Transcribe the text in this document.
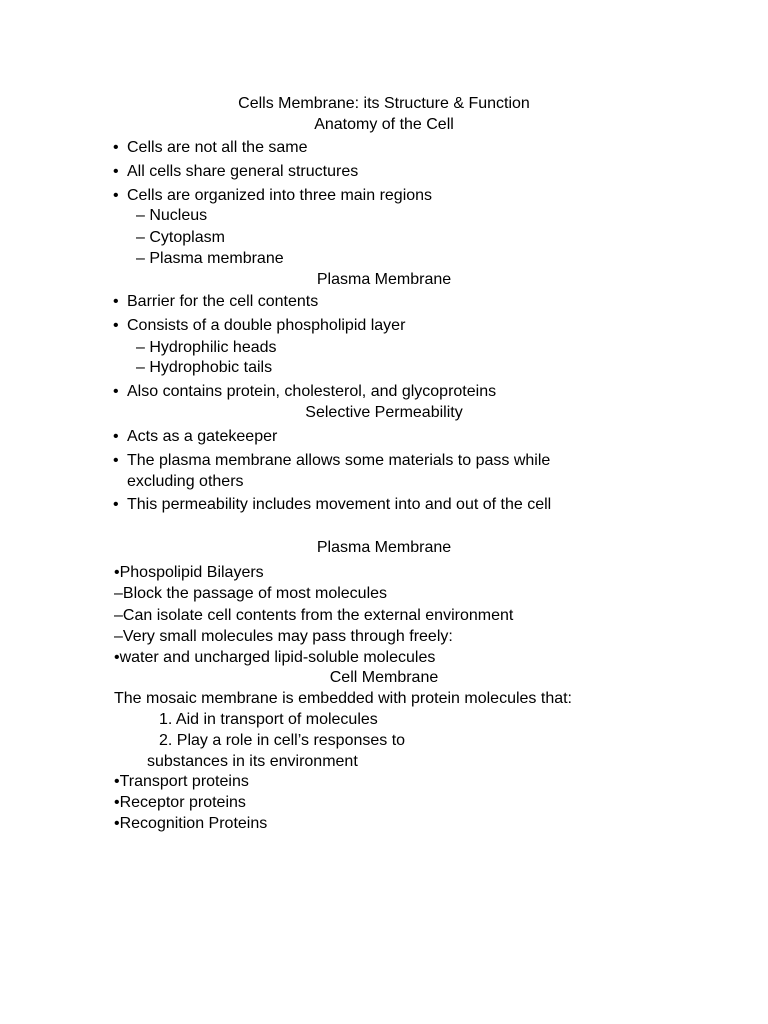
Cells Membrane: its Structure & Function
Anatomy of the Cell
• Cells are not all the same
• All cells share general structures
• Cells are organized into three main regions
– Nucleus
– Cytoplasm
– Plasma membrane
Plasma Membrane
• Barrier for the cell contents
• Consists of a double phospholipid layer
– Hydrophilic heads
– Hydrophobic tails
• Also contains protein, cholesterol, and glycoproteins
Selective Permeability
• Acts as a gatekeeper
• The plasma membrane allows some materials to pass while
excluding others
• This permeability includes movement into and out of the cell
Plasma Membrane
•Phospolipid Bilayers
–Block the passage of most molecules
–Can isolate cell contents from the external environment
–Very small molecules may pass through freely:
•water and uncharged lipid-soluble molecules
Cell Membrane
The mosaic membrane is embedded with protein molecules that:
1. Aid in transport of molecules
2. Play a role in cell’s responses to
substances in its environment
•Transport proteins
•Receptor proteins
•Recognition Proteins
